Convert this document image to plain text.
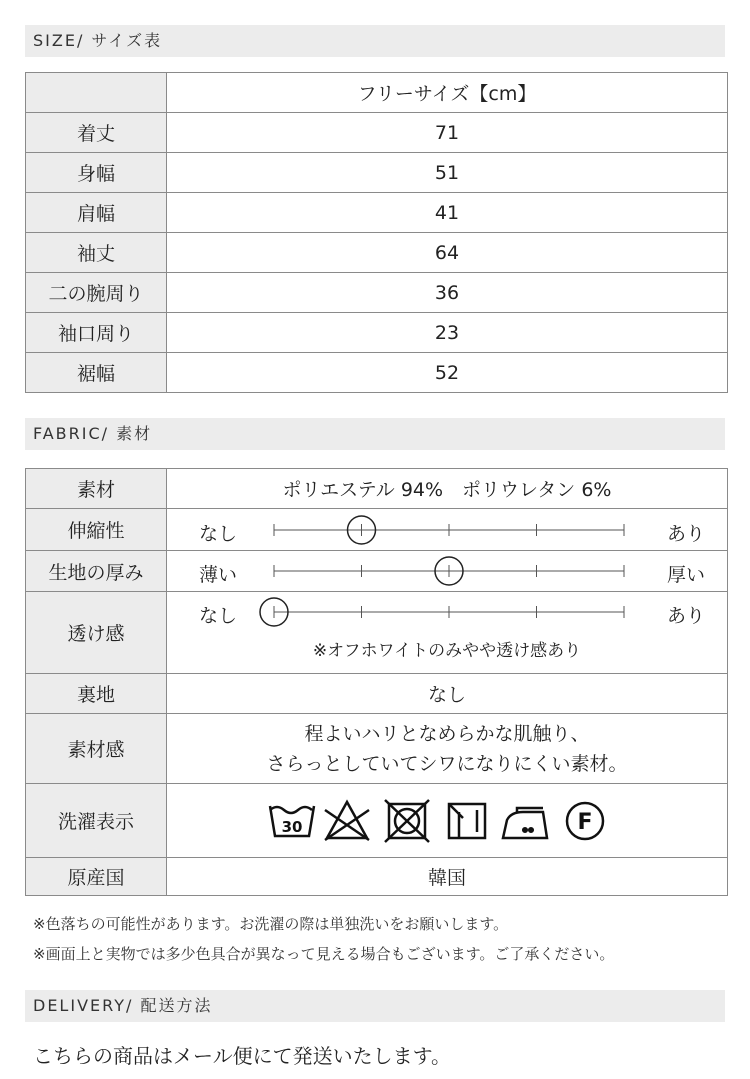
SIZE/ サイズ表
	フリーサイズ【cm】
着丈	71
身幅	51
肩幅	41
袖丈	64
二の腕周り	36
袖口周り	23
裾幅	52
FABRIC/ 素材
素材	ポリエステル 94%　ポリウレタン 6%
伸縮性	なし あり

生地の厚み	薄い 厚い

透け感	なし あり
※オフホワイトのみやや透け感あり

裏地	なし
素材感	程よいハリとなめらかな肌触り、
さらっとしていてシワになりにくい素材。

洗濯表示	30 F

原産国	韓国
※色落ちの可能性があります。お洗濯の際は単独洗いをお願いします。
※画面上と実物では多少色具合が異なって見える場合もございます。ご了承ください。
DELIVERY/ 配送方法
こちらの商品はメール便にて発送いたします。
